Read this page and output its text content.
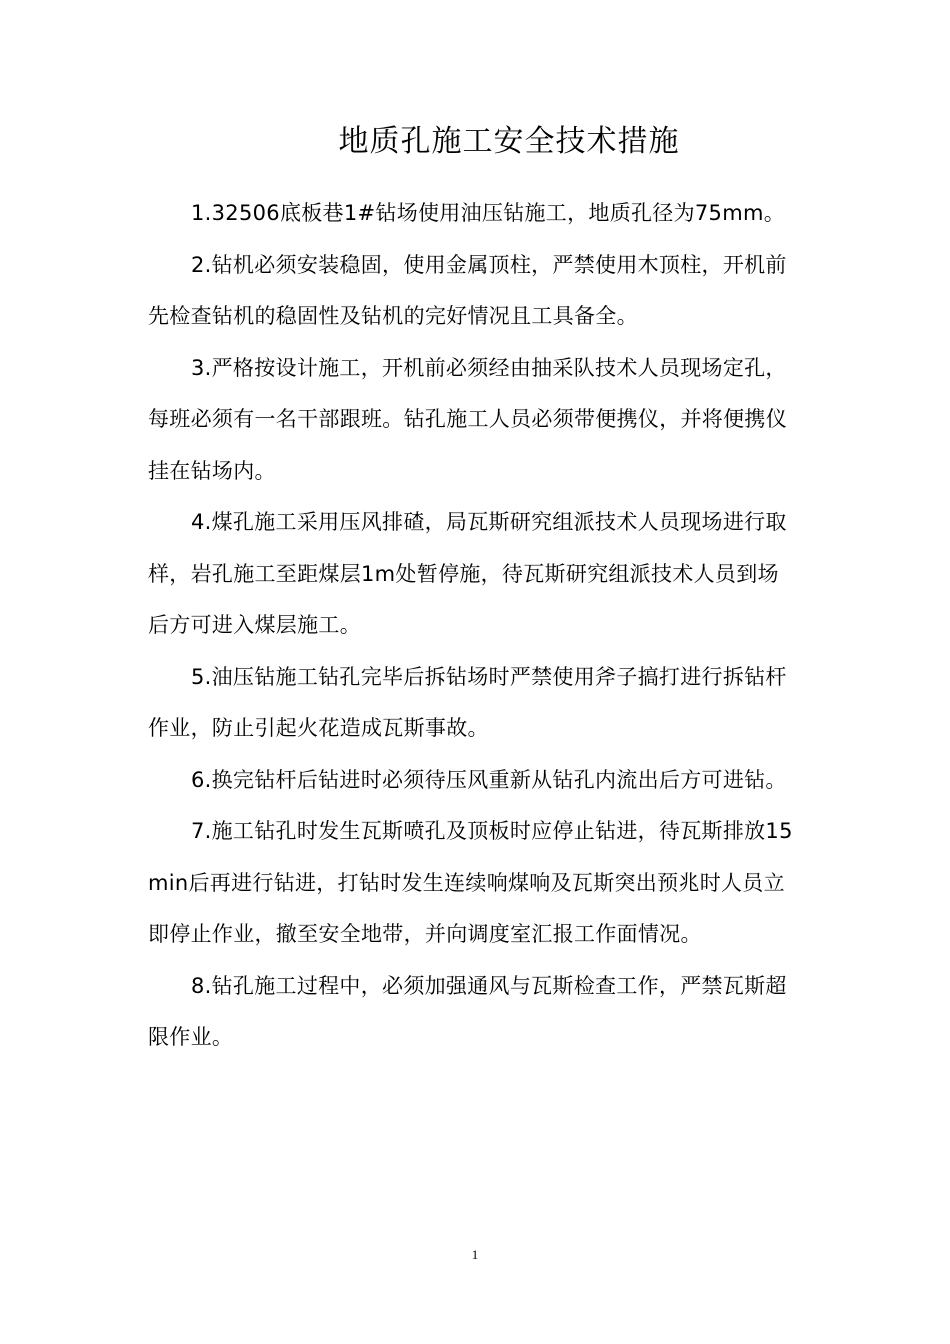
地质孔施工安全技术措施

1.32506底板巷1#钻场使用油压钻施工，地质孔径为75mm。

2.钻机必须安装稳固，使用金属顶柱，严禁使用木顶柱，开机前先检查钻机的稳固性及钻机的完好情况且工具备全。

3.严格按设计施工，开机前必须经由抽采队技术人员现场定孔，每班必须有一名干部跟班。钻孔施工人员必须带便携仪，并将便携仪挂在钻场内。

4.煤孔施工采用压风排碴，局瓦斯研究组派技术人员现场进行取样，岩孔施工至距煤层1m处暂停施，待瓦斯研究组派技术人员到场后方可进入煤层施工。

5.油压钻施工钻孔完毕后拆钻场时严禁使用斧子搞打进行拆钻杆作业，防止引起火花造成瓦斯事故。

6.换完钻杆后钻进时必须待压风重新从钻孔内流出后方可进钻。

7.施工钻孔时发生瓦斯喷孔及顶板时应停止钻进，待瓦斯排放15min后再进行钻进，打钻时发生连续响煤响及瓦斯突出预兆时人员立即停止作业，撤至安全地带，并向调度室汇报工作面情况。

8.钻孔施工过程中，必须加强通风与瓦斯检查工作，严禁瓦斯超限作业。

1
